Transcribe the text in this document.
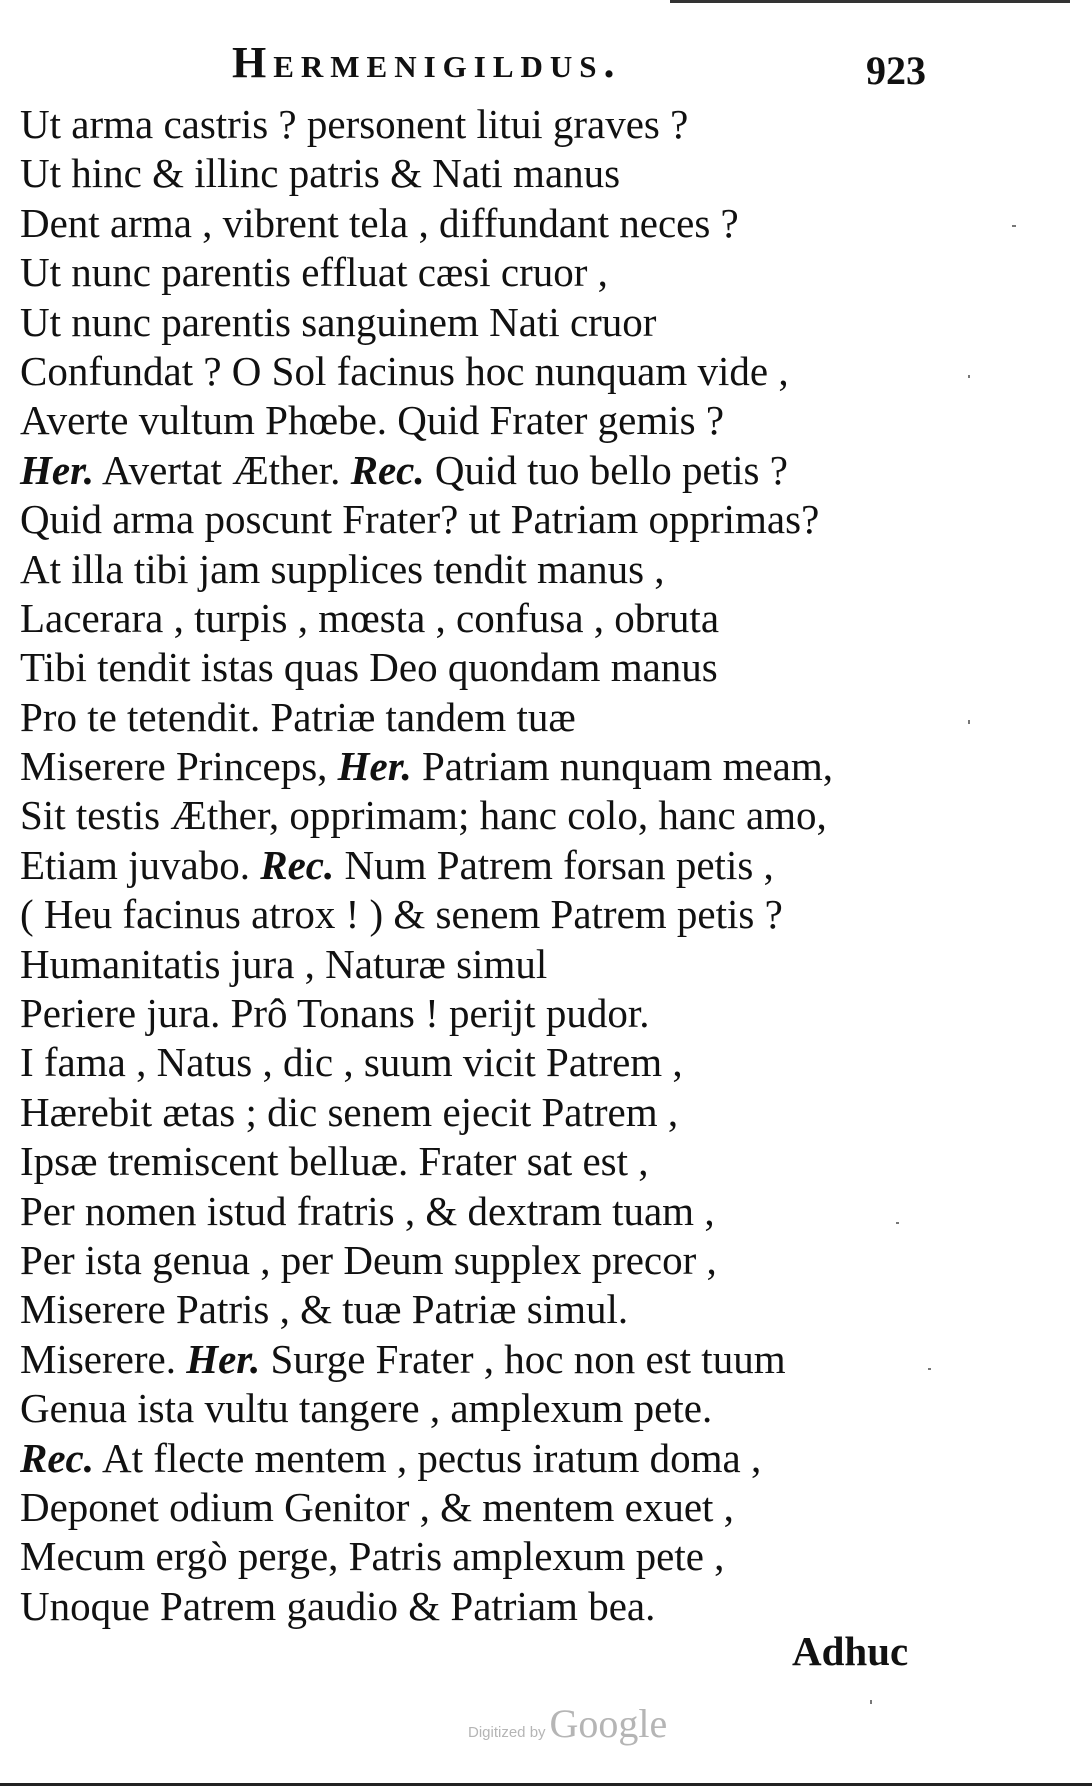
Hermenigildus.	923
Ut arma castris ? personent litui graves ?
Ut hinc & illinc patris & Nati manus
Dent arma , vibrent tela , diffundant neces ?
Ut nunc parentis effluat cæsi cruor ,
Ut nunc parentis sanguinem Nati cruor
Confundat ? O Sol facinus hoc nunquam vide ,
Averte vultum Phœbe. Quid Frater gemis ?
Her. Avertat Æther. Rec. Quid tuo bello petis ?
Quid arma poscunt Frater? ut Patriam opprimas?
At illa tibi jam supplices tendit manus ,
Lacerara , turpis , mœsta , confusa , obruta
Tibi tendit istas quas Deo quondam manus
Pro te tetendit. Patriæ tandem tuæ
Miserere Princeps, Her. Patriam nunquam meam,
Sit testis Æther, opprimam; hanc colo, hanc amo,
Etiam juvabo. Rec. Num Patrem forsan petis ,
( Heu facinus atrox ! ) & senem Patrem petis ?
Humanitatis jura , Naturæ simul
Periere jura. Prô Tonans ! perijt pudor.
I fama , Natus , dic , suum vicit Patrem ,
Hærebit ætas ; dic senem ejecit Patrem ,
Ipsæ tremiscent belluæ. Frater sat est ,
Per nomen istud fratris , & dextram tuam ,
Per ista genua , per Deum supplex precor ,
Miserere Patris , & tuæ Patriæ simul.
Miserere. Her. Surge Frater , hoc non est tuum
Genua ista vultu tangere , amplexum pete.
Rec. At flecte mentem , pectus iratum doma ,
Deponet odium Genitor , & mentem exuet ,
Mecum ergò perge, Patris amplexum pete ,
Unoque Patrem gaudio & Patriam bea.
Adhuc
Digitized by Google
